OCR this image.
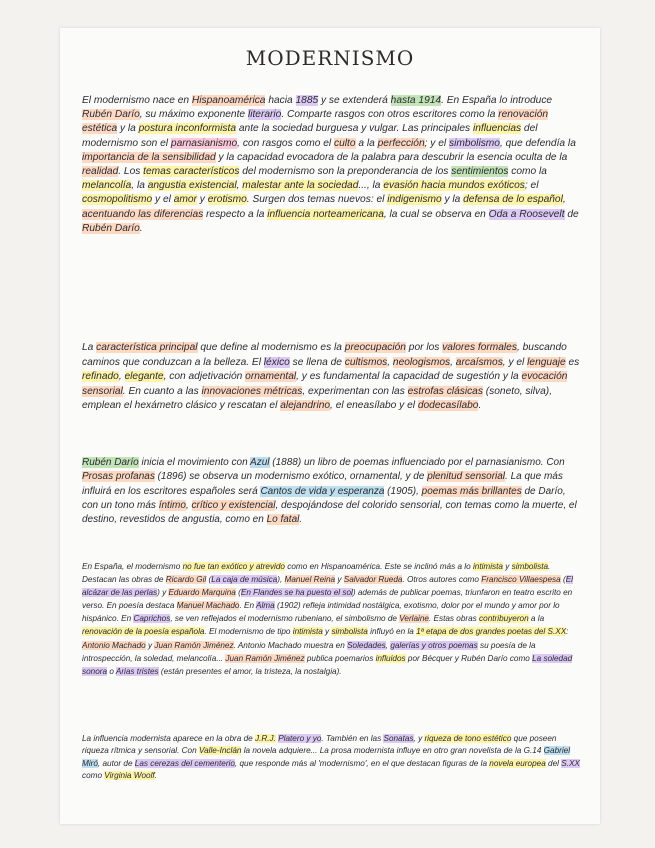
MODERNISMO
El modernismo nace en Hispanoamérica hacia 1885 y se extenderá hasta 1914. En España lo introduce Rubén Darío, su máximo exponente literario. Comparte rasgos con otros escritores como la renovación estética y la postura inconformista ante la sociedad burguesa y vulgar. Las principales influencias del modernismo son el parnasianismo, con rasgos como el culto a la perfección; y el simbolismo, que defendía la importancia de la sensibilidad y la capacidad evocadora de la palabra para descubrir la esencia oculta de la realidad. Los temas característicos del modernismo son la preponderancia de los sentimientos como la melancolía, la angustia existencial, malestar ante la sociedad..., la evasión hacia mundos exóticos; el cosmopolitismo y el amor y erotismo. Surgen dos temas nuevos: el indigenismo y la defensa de lo español, acentuando las diferencias respecto a la influencia norteamericana, la cual se observa en Oda a Roosevelt de Rubén Darío.
La característica principal que define al modernismo es la preocupación por los valores formales, buscando caminos que conduzcan a la belleza. El léxico se llena de cultismos, neologismos, arcaísmos, y el lenguaje es refinado, elegante, con adjetivación ornamental, y es fundamental la capacidad de sugestión y la evocación sensorial. En cuanto a las innovaciones métricas, experimentan con las estrofas clásicas (soneto, silva), emplean el hexámetro clásico y rescatan el alejandrino, el eneasílabo y el dodecasílabo.
Rubén Darío inicia el movimiento con Azul (1888) un libro de poemas influenciado por el parnasianismo. Con Prosas profanas (1896) se observa un modernismo exótico, ornamental, y de plenitud sensorial. La que más influirá en los escritores españoles será Cantos de vida y esperanza (1905), poemas más brillantes de Darío, con un tono más íntimo, crítico y existencial, despojándose del colorido sensorial, con temas como la muerte, el destino, revestidos de angustia, como en Lo fatal.
En España, el modernismo no fue tan exótico y atrevido como en Hispanoamérica. Este se inclinó más a lo intimista y simbolista. Destacan las obras de Ricardo Gil (La caja de música), Manuel Reina y Salvador Rueda. Otros autores como Francisco Villaespesa (El alcázar de las perlas) y Eduardo Marquina (En Flandes se ha puesto el sol) además de publicar poemas, triunfaron en teatro escrito en verso. En poesía destaca Manuel Machado. En Alma (1902) refleja intimidad nostálgica, exotismo, dolor por el mundo y amor por lo hispánico. En Caprichos, se ven reflejados el modernismo rubeniano, el simbolismo de Verlaine. Estas obras contribuyeron a la renovación de la poesía española. El modernismo de tipo intimista y simbolista influyó en la 1ª etapa de dos grandes poetas del S.XX: Antonio Machado y Juan Ramón Jiménez. Antonio Machado muestra en Soledades, galerías y otros poemas su poesía de la introspección, la soledad, melancolía... Juan Ramón Jiménez publica poemarios influidos por Bécquer y Rubén Darío como La soledad sonora o Arias tristes (están presentes el amor, la tristeza, la nostalgia).
La influencia modernista aparece en la obra de J.R.J. Platero y yo. También en las Sonatas, y riqueza de tono estético que poseen riqueza rítmica y sensorial. Con Valle-Inclán la novela adquiere... La prosa modernista influye en otro gran novelista de la G.14 Gabriel Miró, autor de Las cerezas del cementerio, que responde más al 'modernismo', en el que destacan figuras de la novela europea del S.XX como Virginia Woolf.
